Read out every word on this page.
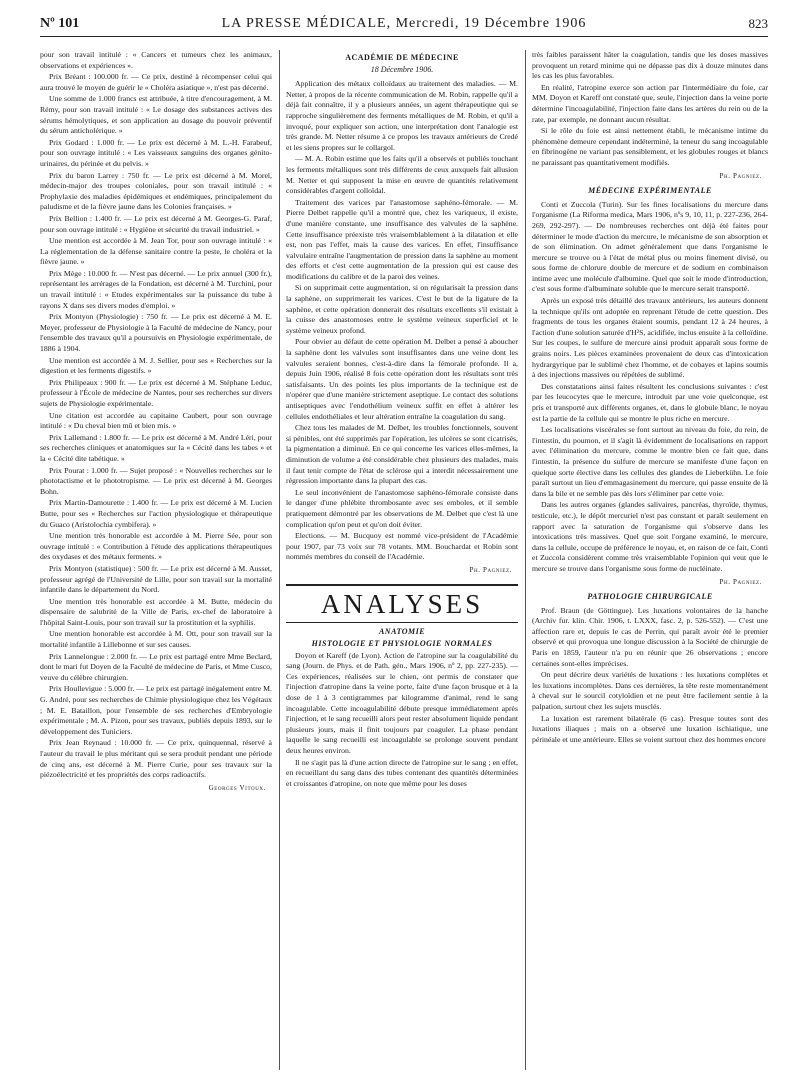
Nº 101	LA PRESSE MÉDICALE, Mercredi, 19 Décembre 1906	823

pour son travail intitulé : « Cancers et tumeurs chez les animaux, observations et expériences ».

Prix Bréant : 100.000 fr. — Ce prix, destiné à récompenser celui qui aura trouvé le moyen de guérir le « Choléra asiatique », n'est pas décerné.

Une somme de 1.000 francs est attribuée, à titre d'encouragement, à M. Rémy, pour son travail intitulé : « Le dosage des substances actives des sérums hémolytiques, et son application au dosage du pouvoir préventif du sérum anticholérique. »

Prix Godard : 1.000 fr. — Le prix est décerné à M. L.-H. Farabeuf, pour son ouvrage intitulé : « Les vaisseaux sanguins des organes génito-urinaires, du périnée et du pelvis. »

Prix du baron Larrey : 750 fr. — Le prix est décerné à M. Morel, médecin-major des troupes coloniales, pour son travail intitulé : « Prophylaxie des maladies épidémiques et endémiques, principalement du paludisme et de la fièvre jaune dans les Colonies françaises. »

Prix Bellion : 1.400 fr. — Le prix est décerné à M. Georges-G. Paraf, pour son ouvrage intitulé : « Hygiène et sécurité du travail industriel. »

Une mention est accordée à M. Jean Tor, pour son ouvrage intitulé : « La réglementation de la défense sanitaire contre la peste, le choléra et la fièvre jaune. »

Prix Mège : 10.000 fr. — N'est pas décerné. — Le prix annuel (300 fr.), représentant les arrérages de la Fondation, est décerné à M. Turchini, pour un travail intitulé : « Etudes expérimentales sur la puissance du tube à rayons X dans ses divers modes d'emploi. »

Prix Montyon (Physiologie) : 750 fr. — Le prix est décerné à M. E. Meyer, professeur de Physiologie à la Faculté de médecine de Nancy, pour l'ensemble des travaux qu'il a poursuivis en Physiologie expérimentale, de 1886 à 1904.

Une mention est accordée à M. J. Sellier, pour ses « Recherches sur la digestion et les ferments digestifs. »

Prix Philipeaux : 900 fr. — Le prix est décerné à M. Stéphane Leduc, professeur à l'École de médecine de Nantes, pour ses recherches sur divers sujets de Physiologie expérimentale.

Une citation est accordée au capitaine Caubert, pour son ouvrage intitulé : « Du cheval bien mû et bien mis. »

Prix Lallemand : 1.800 fr. — Le prix est décerné à M. André Léri, pour ses recherches cliniques et anatomiques sur la « Cécité dans les tabes » et la « Cécité dite tabétique. »

Prix Pourat : 1.000 fr. — Sujet proposé : « Nouvelles recherches sur le phototactisme et le phototropisme. — Le prix est décerné à M. Georges Bohn.

Prix Martin-Damourette : 1.400 fr. — Le prix est décerné à M. Lucien Butte, pour ses « Recherches sur l'action physiologique et thérapeutique du Guaco (Aristolochia cymbifera). »

Une mention très honorable est accordée à M. Pierre Sée, pour son ouvrage intitulé : « Contribution à l'étude des applications thérapeutiques des oxydases et des métaux ferments. »

Prix Montyon (statistique) : 500 fr. — Le prix est décerné à M. Ausset, professeur agrégé de l'Université de Lille, pour son travail sur la mortalité infantile dans le département du Nord.

Une mention très honorable est accordée à M. Butte, médecin du dispensaire de salubrité de la Ville de Paris, ex-chef de laboratoire à l'hôpital Saint-Louis, pour son travail sur la prostitution et la syphilis.

Une mention honorable est accordée à M. Ott, pour son travail sur la mortalité infantile à Lillebonne et sur ses causes.

Prix Lannelongue : 2.000 fr. — Le prix est partagé entre Mme Beclard, dont le mari fut Doyen de la Faculté de médecine de Paris, et Mme Cusco, veuve du célèbre chirurgien.

Prix Houllevigue : 5.000 fr. — Le prix est partagé inégalement entre M. G. André, pour ses recherches de Chimie physiologique chez les Végétaux ; M. E. Bataillon, pour l'ensemble de ses recherches d'Embryologie expérimentale ; M. A. Pizon, pour ses travaux, publiés depuis 1893, sur le développement des Tuniciers.

Prix Jean Reynaud : 10.000 fr. — Ce prix, quinquennal, réservé à l'auteur du travail le plus méritant qui se sera produit pendant une période de cinq ans, est décerné à M. Pierre Curie, pour ses travaux sur la piézoélectricité et les propriétés des corps radioactifs.

Georges Vitoux.
ACADÉMIE DE MÉDECINE
18 Décembre 1906.

Application des métaux colloïdaux au traitement des maladies. — M. Netter, à propos de la récente communication de M. Robin, rappelle qu'il a déjà fait connaître, il y a plusieurs années, un agent thérapeutique qui se rapproche singulièrement des ferments métalliques de M. Robin, et qu'il a invoqué, pour expliquer son action, une interprétation dont l'analogie est très grande. M. Netter résume à ce propos les travaux antérieurs de Credé et les siens propres sur le collargol.

— M. A. Robin estime que les faits qu'il a observés et publiés touchant les ferments métalliques sont très différents de ceux auxquels fait allusion M. Netter et qui supposent la mise en œuvre de quantités relativement considérables d'argent colloïdal.

Traitement des varices par l'anastomose saphéno-fémorale. — M. Pierre Delbet rappelle qu'il a montré que, chez les variqueux, il existe, d'une manière constante, une insuffisance des valvules de la saphène. Cette insuffisance préexiste très vraisemblablement à la dilatation et elle est, non pas l'effet, mais la cause des varices. En effet, l'insuffisance valvulaire entraîne l'augmentation de pression dans la saphène au moment des efforts et c'est cette augmentation de la pression qui est cause des modifications du calibre et de la paroi des veines.

Si on supprimait cette augmentation, si on régularisait la pression dans la saphène, on supprimerait les varices. C'est le but de la ligature de la saphène, et cette opération donnerait des résultats excellents s'il existait à la cuisse des anastomoses entre le système veineux superficiel et le système veineux profond.

Pour obvier au défaut de cette opération M. Delbet a pensé à aboucher la saphène dont les valvules sont insuffisantes dans une veine dont les valvules seraient bonnes, c'est-à-dire dans la fémorale profonde. Il a, depuis Juin 1906, réalisé 8 fois cette opération dont les résultats sont très satisfaisants. Un des points les plus importants de la technique est de n'opérer que d'une manière strictement aseptique. Le contact des solutions antiseptiques avec l'endothélium veineux suffit en effet à altérer les cellules endothéliales et leur altération entraîne la coagulation du sang.

Chez tous les malades de M. Delbet, les troubles fonctionnels, souvent si pénibles, ont été supprimés par l'opération, les ulcères se sont cicatrisés, la pigmentation a diminué. En ce qui concerne les varices elles-mêmes, la diminution de volume a été considérable chez plusieurs des malades, mais il faut tenir compte de l'état de sclérose qui a interdit nécessairement une régression importante dans la plupart des cas.

Le seul inconvénient de l'anastomose saphéno-fémorale consiste dans le danger d'une phlébite thrombosante avec ses emboles, et il semble pratiquement démontré par les observations de M. Delbet que c'est là une complication qu'on peut et qu'on doit éviter.

Elections. — M. Bucquoy est nommé vice-président de l'Académie pour 1907, par 73 voix sur 78 votants. MM. Bouchardat et Robin sont nommés membres du conseil de l'Académie.

Ph. Pagniez.
ANALYSES
ANATOMIE
HISTOLOGIE ET PHYSIOLOGIE NORMALES

Doyon et Kareff (de Lyon). Action de l'atropine sur la coagulabilité du sang (Journ. de Phys. et de Path. gén., Mars 1906, nº 2, pp. 227-235). — Ces expériences, réalisées sur le chien, ont permis de constater que l'injection d'atropine dans la veine porte, faite d'une façon brusque et à la dose de 1 à 3 centigrammes par kilogramme d'animal, rend le sang incoagulable. Cette incoagulabilité débute presque immédiatement après l'injection, et le sang recueilli alors peut rester absolument liquide pendant plusieurs jours, mais il finit toujours par coaguler. La phase pendant laquelle le sang recueilli est incoagulable se prolonge souvent pendant deux heures environ.

Il ne s'agit pas là d'une action directe de l'atropine sur le sang ; en effet, en recueillant du sang dans des tubes contenant des quantités déterminées et croissantes d'atropine, on note que même pour les doses

très faibles paraissent hâter la coagulation, tandis que les doses massives provoquent un retard minime qui ne dépasse pas dix à douze minutes dans les cas les plus favorables.

En réalité, l'atropine exerce son action par l'intermédiaire du foie, car MM. Doyon et Kareff ont constaté que, seule, l'injection dans la veine porte détermine l'incoagulabilité, l'injection faite dans les artères du rein ou de la rate, par exemple, ne donnant aucun résultat.

Si le rôle du foie est ainsi nettement établi, le mécanisme intime du phénomène demeure cependant indéterminé, la teneur du sang incoagulable en fibrinogène ne variant pas sensiblement, et les globules rouges et blancs ne paraissant pas quantitativement modifiés.

Ph. Pagniez.
MÉDECINE EXPÉRIMENTALE

Conti et Zuccola (Turin). Sur les fines localisations du mercure dans l'organisme (La Riforma medica, Mars 1906, nºs 9, 10, 11, p. 227-236, 264-269, 292-297). — De nombreuses recherches ont déjà été faites pour déterminer le mode d'action du mercure, le mécanisme de son absorption et de son élimination. On admet généralement que dans l'organisme le mercure se trouve ou à l'état de métal plus ou moins finement divisé, ou sous forme de chlorure double de mercure et de sodium en combinaison intime avec une molécule d'albumine. Quel que soit le mode d'introduction, c'est sous forme d'albuminate soluble que le mercure serait transporté.

Après un exposé très détaillé des travaux antérieurs, les auteurs donnent la technique qu'ils ont adoptée en reprenant l'étude de cette question. Des fragments de tous les organes étaient soumis, pendant 12 à 24 heures, à l'action d'une solution saturée d'H²S, acidifiée, inclus ensuite à la celloïdine. Sur les coupes, le sulfure de mercure ainsi produit apparaît sous forme de grains noirs. Les pièces examinées provenaient de deux cas d'intoxication hydrargyrique par le sublimé chez l'homme, et de cobayes et lapins soumis à des injections massives ou répétées de sublimé.

Des constatations ainsi faites résultent les conclusions suivantes : c'est par les leucocytes que le mercure, introduit par une voie quelconque, est pris et transporté aux différents organes, et, dans le globule blanc, le noyau est la partie de la cellule qui se montre le plus riche en mercure.

Les localisations viscérales se font surtout au niveau du foie, du rein, de l'intestin, du poumon, et il s'agit là évidemment de localisations en rapport avec l'élimination du mercure, comme le montre bien ce fait que, dans l'intestin, la présence du sulfure de mercure se manifeste d'une façon en quelque sorte élective dans les cellules des glandes de Lieberkühn. Le foie paraît surtout un lieu d'emmagasinement du mercure, qui passe ensuite de là dans la bile et ne semble pas dès lors s'éliminer par cette voie.

Dans les autres organes (glandes salivaires, pancréas, thyroïde, thymus, testicule, etc.), le dépôt mercuriel n'est pas constant et paraît seulement en rapport avec la saturation de l'organisme qui s'observe dans les intoxications très massives. Quel que soit l'organe examiné, le mercure, dans la cellule, occupe de préférence le noyau, et, en raison de ce fait, Conti et Zuccola considèrent comme très vraisemblable l'opinion qui veut que le mercure se trouve dans l'organisme sous forme de nucléinate.

Ph. Pagniez.
PATHOLOGIE CHIRURGICALE

Prof. Braun (de Göttingue). Les luxations volontaires de la hanche (Archiv fur. klin. Chir. 1906, t. LXXX, fasc. 2, p. 526-552). — C'est une affection rare et, depuis le cas de Perrin, qui paraît avoir été le premier observé et qui provoqua une longue discussion à la Société de chirurgie de Paris en 1859, l'auteur n'a pu en réunir que 26 observations ; encore certaines sont-elles imprécises.

On peut décrire deux variétés de luxations : les luxations complètes et les luxations incomplètes. Dans ces dernières, la tête reste momentanément à cheval sur le sourcil cotyloïdien et ne peut être facilement sentie à la palpation, surtout chez les sujets musclés.

La luxation est rarement bilatérale (6 cas). Presque toutes sont des luxations iliaques ; mais on a observé une luxation ischiatique, une périnéale et une antérieure. Elles se voient surtout chez des hommes encore
